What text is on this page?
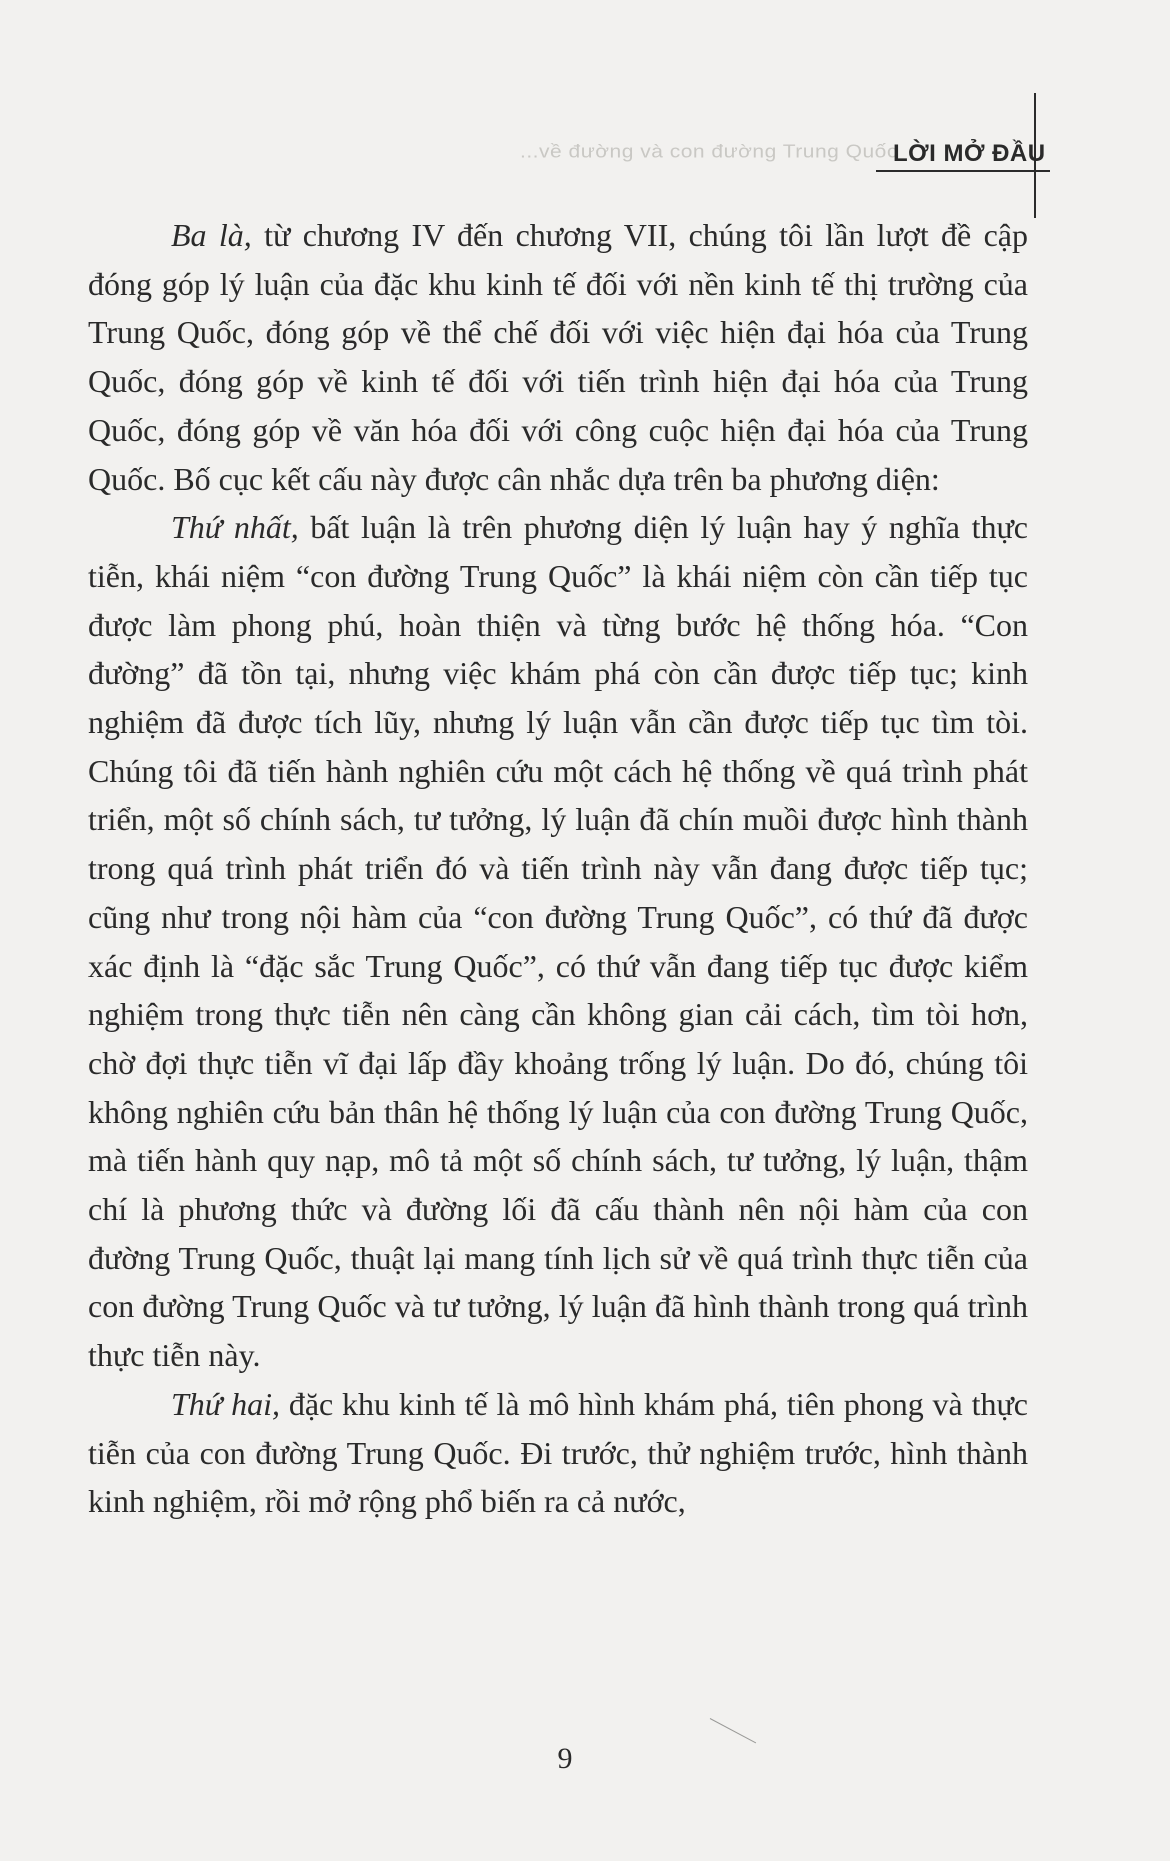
...về đường và con đường Trung Quốc
LỜI MỞ ĐẦU

Ba là, từ chương IV đến chương VII, chúng tôi lần lượt đề cập đóng góp lý luận của đặc khu kinh tế đối với nền kinh tế thị trường của Trung Quốc, đóng góp về thể chế đối với việc hiện đại hóa của Trung Quốc, đóng góp về kinh tế đối với tiến trình hiện đại hóa của Trung Quốc, đóng góp về văn hóa đối với công cuộc hiện đại hóa của Trung Quốc. Bố cục kết cấu này được cân nhắc dựa trên ba phương diện:

Thứ nhất, bất luận là trên phương diện lý luận hay ý nghĩa thực tiễn, khái niệm “con đường Trung Quốc” là khái niệm còn cần tiếp tục được làm phong phú, hoàn thiện và từng bước hệ thống hóa. “Con đường” đã tồn tại, nhưng việc khám phá còn cần được tiếp tục; kinh nghiệm đã được tích lũy, nhưng lý luận vẫn cần được tiếp tục tìm tòi. Chúng tôi đã tiến hành nghiên cứu một cách hệ thống về quá trình phát triển, một số chính sách, tư tưởng, lý luận đã chín muồi được hình thành trong quá trình phát triển đó và tiến trình này vẫn đang được tiếp tục; cũng như trong nội hàm của “con đường Trung Quốc”, có thứ đã được xác định là “đặc sắc Trung Quốc”, có thứ vẫn đang tiếp tục được kiểm nghiệm trong thực tiễn nên càng cần không gian cải cách, tìm tòi hơn, chờ đợi thực tiễn vĩ đại lấp đầy khoảng trống lý luận. Do đó, chúng tôi không nghiên cứu bản thân hệ thống lý luận của con đường Trung Quốc, mà tiến hành quy nạp, mô tả một số chính sách, tư tưởng, lý luận, thậm chí là phương thức và đường lối đã cấu thành nên nội hàm của con đường Trung Quốc, thuật lại mang tính lịch sử về quá trình thực tiễn của con đường Trung Quốc và tư tưởng, lý luận đã hình thành trong quá trình thực tiễn này.

Thứ hai, đặc khu kinh tế là mô hình khám phá, tiên phong và thực tiễn của con đường Trung Quốc. Đi trước, thử nghiệm trước, hình thành kinh nghiệm, rồi mở rộng phổ biến ra cả nước,

9
